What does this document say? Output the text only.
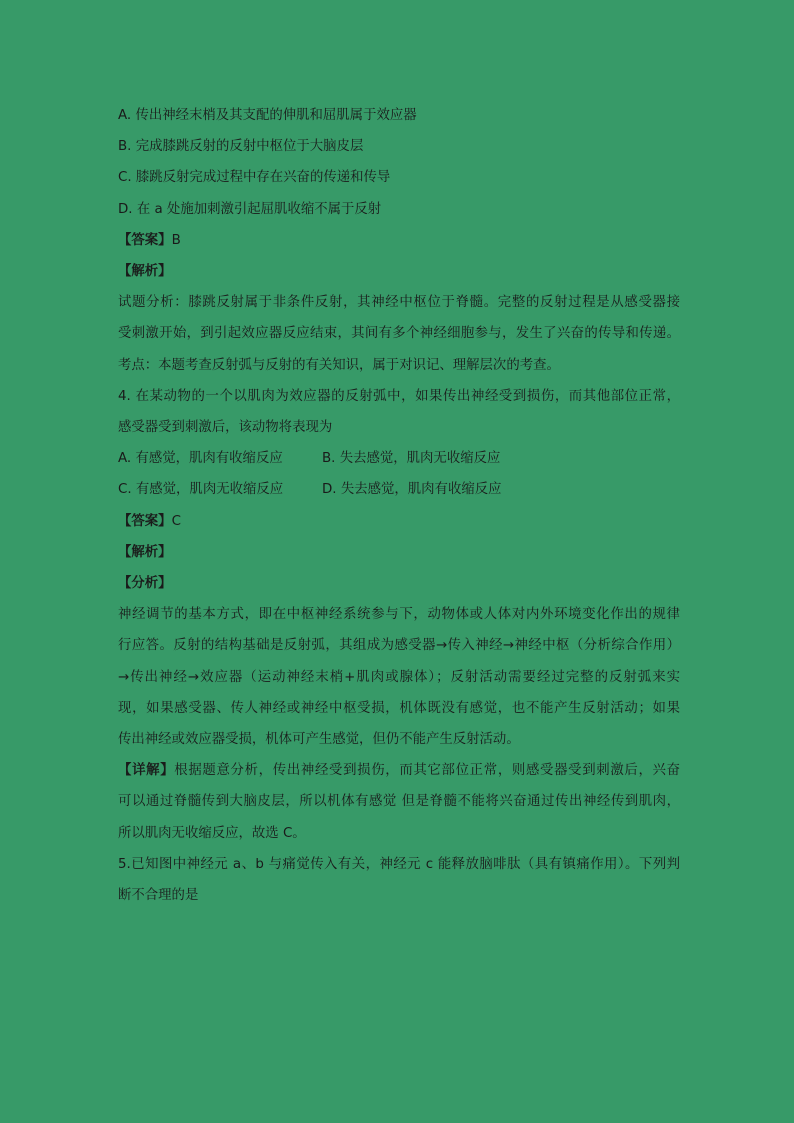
A. 传出神经末梢及其支配的伸肌和屈肌属于效应器
B. 完成膝跳反射的反射中枢位于大脑皮层
C. 膝跳反射完成过程中存在兴奋的传递和传导
D. 在 a 处施加刺激引起屈肌收缩不属于反射
【答案】B
【解析】
试题分析：膝跳反射属于非条件反射，其神经中枢位于脊髓。完整的反射过程是从感受器接
受刺激开始，到引起效应器反应结束，其间有多个神经细胞参与，发生了兴奋的传导和传递。
考点：本题考查反射弧与反射的有关知识，属于对识记、理解层次的考查。
4. 在某动物的一个以肌肉为效应器的反射弧中，如果传出神经受到损伤，而其他部位正常，
感受器受到刺激后，该动物将表现为
A. 有感觉，肌肉有收缩反应	B. 失去感觉，肌肉无收缩反应
C. 有感觉，肌肉无收缩反应	D. 失去感觉，肌肉有收缩反应
【答案】C
【解析】
【分析】
神经调节的基本方式，即在中枢神经系统参与下，动物体或人体对内外环境变化作出的规律
行应答。反射的结构基础是反射弧，其组成为感受器→传入神经→神经中枢（分析综合作用）
→传出神经→效应器（运动神经末梢+肌肉或腺体）；反射活动需要经过完整的反射弧来实
现，如果感受器、传人神经或神经中枢受损，机体既没有感觉，也不能产生反射活动；如果
传出神经或效应器受损，机体可产生感觉，但仍不能产生反射活动。
【详解】根据题意分析，传出神经受到损伤，而其它部位正常，则感受器受到刺激后，兴奋
可以通过脊髓传到大脑皮层，所以机体有感觉 但是脊髓不能将兴奋通过传出神经传到肌肉，
所以肌肉无收缩反应，故选 C。
5.已知图中神经元 a、b 与痛觉传入有关，神经元 c 能释放脑啡肽（具有镇痛作用）。下列判
断不合理的是
